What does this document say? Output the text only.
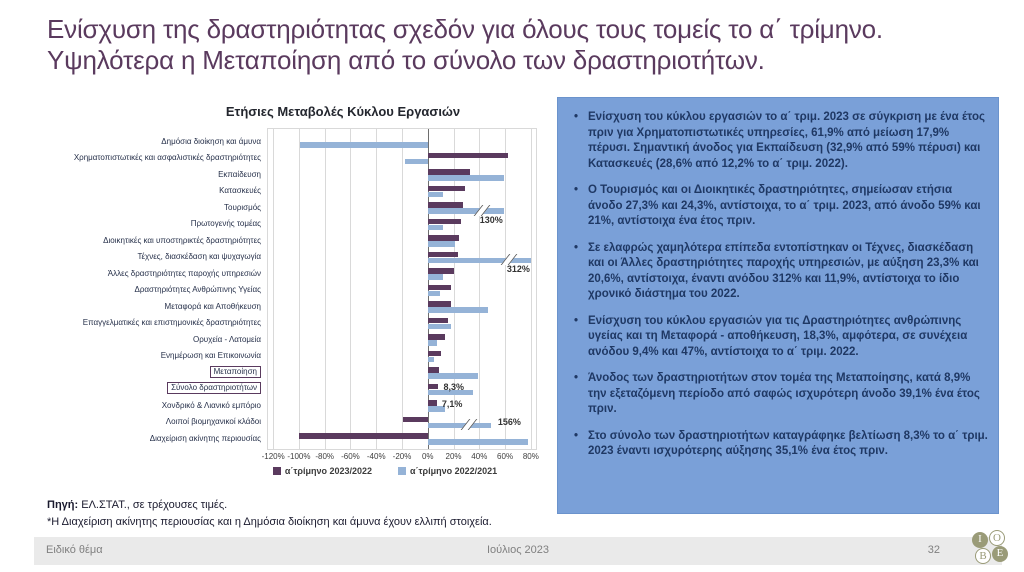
Ενίσχυση της δραστηριότητας σχεδόν για όλους τους τομείς το α΄ τρίμηνο.
Υψηλότερα η Μεταποίηση από το σύνολο των δραστηριοτήτων.
Ετήσιες Μεταβολές Κύκλου Εργασιών
-120% -100% -80% -60% -40% -20% 0% 20% 40% 60% 80%
Δημόσια διοίκηση και άμυνα
Χρηματοπιστωτικές και ασφαλιστικές δραστηριότητες
Εκπαίδευση
Κατασκευές
Τουρισμός
130%
Πρωτογενής τομέας
Διοικητικές και υποστηρικτές δραστηριότητες
Τέχνες, διασκέδαση και ψυχαγωγία
312%
Άλλες δραστηριότητες παροχής υπηρεσιών
Δραστηριότητες Ανθρώπινης Υγείας
Μεταφορά και Αποθήκευση
Επαγγελματικές και επιστημονικές δραστηριότητες
Ορυχεία - Λατομεία
Ενημέρωση και Επικοινωνία
Μεταποίηση
Σύνολο δραστηριοτήτων	8,3%
Χονδρικό & Λιανικό εμπόριο	7,1%
Λοιποί βιομηχανικοί κλάδοι	156%
Διαχείριση ακίνητης περιουσίας
α΄τρίμηνο 2023/2022	α΄τρίμηνο 2022/2021
Πηγή: ΕΛ.ΣΤΑΤ., σε τρέχουσες τιμές.
*Η Διαχείριση ακίνητης περιουσίας και η Δημόσια διοίκηση και άμυνα έχουν ελλιπή στοιχεία.
• Ενίσχυση του κύκλου εργασιών το α΄ τριμ. 2023 σε σύγκριση με ένα έτος πριν για Χρηματοπιστωτικές υπηρεσίες, 61,9% από μείωση 17,9% πέρυσι. Σημαντική άνοδος για Εκπαίδευση (32,9% από 59% πέρυσι) και Κατασκευές (28,6% από 12,2% το α΄ τριμ. 2022).
• Ο Τουρισμός και οι Διοικητικές δραστηριότητες, σημείωσαν ετήσια άνοδο 27,3% και 24,3%, αντίστοιχα, το α΄ τριμ. 2023, από άνοδο 59% και 21%, αντίστοιχα ένα έτος πριν.
• Σε ελαφρώς χαμηλότερα επίπεδα εντοπίστηκαν οι Τέχνες, διασκέδαση και οι Άλλες δραστηριότητες παροχής υπηρεσιών, με αύξηση 23,3% και 20,6%, αντίστοιχα, έναντι ανόδου 312% και 11,9%, αντίστοιχα το ίδιο χρονικό διάστημα του 2022.
• Ενίσχυση του κύκλου εργασιών για τις Δραστηριότητες ανθρώπινης υγείας και τη Μεταφορά - αποθήκευση, 18,3%, αμφότερα, σε συνέχεια ανόδου 9,4% και 47%, αντίστοιχα το α΄ τριμ. 2022.
• Άνοδος των δραστηριοτήτων στον τομέα της Μεταποίησης, κατά 8,9% την εξεταζόμενη περίοδο από σαφώς ισχυρότερη άνοδο 39,1% ένα έτος πριν.
• Στο σύνολο των δραστηριοτήτων καταγράφηκε βελτίωση 8,3% το α΄ τριμ. 2023 έναντι ισχυρότερης αύξησης 35,1% ένα έτος πριν.
Ειδικό θέμα	Ιούλιος 2023	32
I	O
B E
